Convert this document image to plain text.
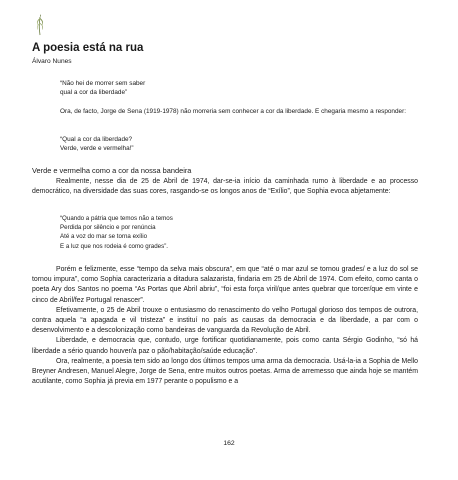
A poesia está na rua
Álvaro Nunes
“Não hei de morrer sem saber
qual a cor da liberdade”
Ora, de facto, Jorge de Sena (1919-1978) não morreria sem conhecer a cor da liberdade. E chegaria mesmo a responder:
“Qual a cor da liberdade?
Verde, verde e vermelha!”
Verde e vermelha como a cor da nossa bandeira

Realmente, nesse dia de 25 de Abril de 1974, dar-se-ia início da caminhada rumo à liberdade e ao processo democrático, na diversidade das suas cores, rasgando-se os longos anos de “Exílio”, que Sophia evoca abjetamente:

“Quando a pátria que temos não a temos
Perdida por silêncio e por renúncia
Até a voz do mar se torna exílio
E a luz que nos rodeia é como grades”.

Porém e felizmente, esse “tempo da selva mais obscura”, em que “até o mar azul se tornou grades/ e a luz do sol se tornou impura”, como Sophia caracterizaria a ditadura salazarista, findaria em 25 de Abril de 1974. Com efeito, como canta o poeta Ary dos Santos no poema “As Portas que Abril abriu”, “foi esta força viril/que antes quebrar que torcer/que em vinte e cinco de Abril/fez Portugal renascer”.

Efetivamente, o 25 de Abril trouxe o entusiasmo do renascimento do velho Portugal glorioso dos tempos de outrora, contra aquela “a apagada e vil tristeza” e instituí no país as causas da democracia e da liberdade, a par com o desenvolvimento e a descolonização como bandeiras de vanguarda da Revolução de Abril.

Liberdade, e democracia que, contudo, urge fortificar quotidianamente, pois como canta Sérgio Godinho, “só há liberdade a sério quando houver/a paz o pão/habitação/saúde educação”.

Ora, realmente, a poesia tem sido ao longo dos últimos tempos uma arma da democracia. Usá-la-ia a Sophia de Mello Breyner Andresen, Manuel Alegre, Jorge de Sena, entre muitos outros poetas. Arma de arremesso que ainda hoje se mantém acutilante, como Sophia já previa em 1977 perante o populismo e a

162
